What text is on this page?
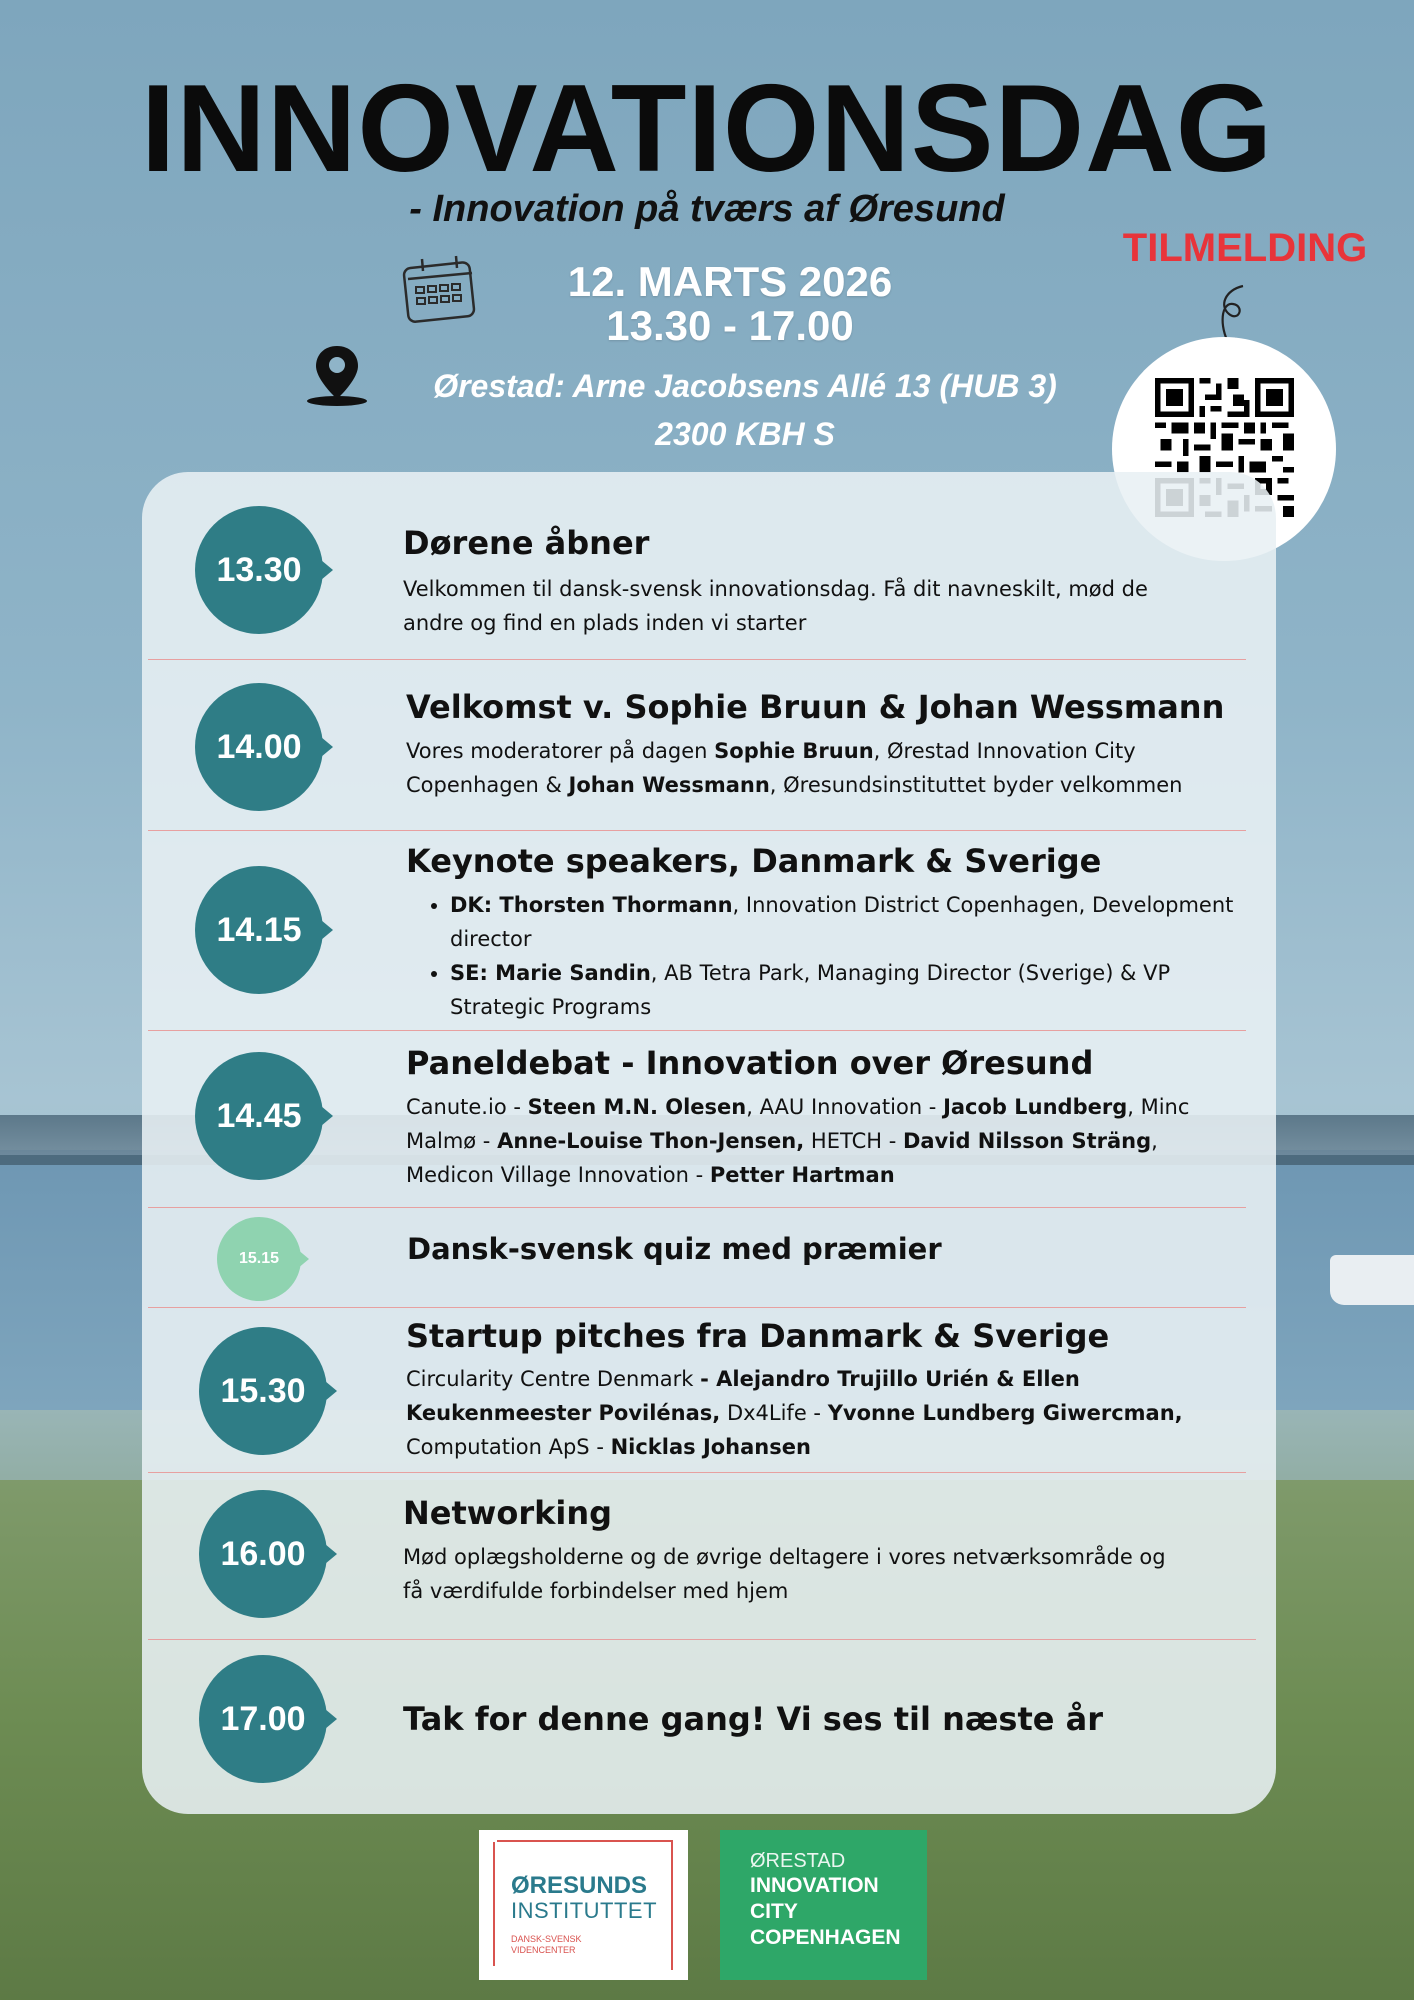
INNOVATIONSDAG
- Innovation på tværs af Øresund
12. MARTS 2026
13.30 - 17.00
Ørestad: Arne Jacobsens Allé 13 (HUB 3)
2300 KBH S
TILMELDING
13.30
Dørene åbner
Velkommen til dansk-svensk innovationsdag. Få dit navneskilt, mød de andre og find en plads inden vi starter
14.00
Velkomst v. Sophie Bruun & Johan Wessmann
Vores moderatorer på dagen Sophie Bruun, Ørestad Innovation City Copenhagen & Johan Wessmann, Øresundsinstituttet byder velkommen
14.15
Keynote speakers, Danmark & Sverige
• DK: Thorsten Thormann, Innovation District Copenhagen, Development director
• SE: Marie Sandin, AB Tetra Park, Managing Director (Sverige) & VP Strategic Programs
14.45
Paneldebat - Innovation over Øresund
Canute.io - Steen M.N. Olesen, AAU Innovation - Jacob Lundberg, Minc Malmø - Anne-Louise Thon-Jensen, HETCH - David Nilsson Sträng, Medicon Village Innovation - Petter Hartman
15.15	Dansk-svensk quiz med præmier
15.30
Startup pitches fra Danmark & Sverige
Circularity Centre Denmark - Alejandro Trujillo Urién & Ellen Keukenmeester Povilénas, Dx4Life - Yvonne Lundberg Giwercman, Computation ApS - Nicklas Johansen
16.00
Networking
Mød oplægsholderne og de øvrige deltagere i vores netværksområde og få værdifulde forbindelser med hjem
17.00	Tak for denne gang! Vi ses til næste år
ØRESUNDS
INSTITUTTET
DANSK-SVENSK VIDENCENTER
ØRESTAD
INNOVATION
CITY
COPENHAGEN
